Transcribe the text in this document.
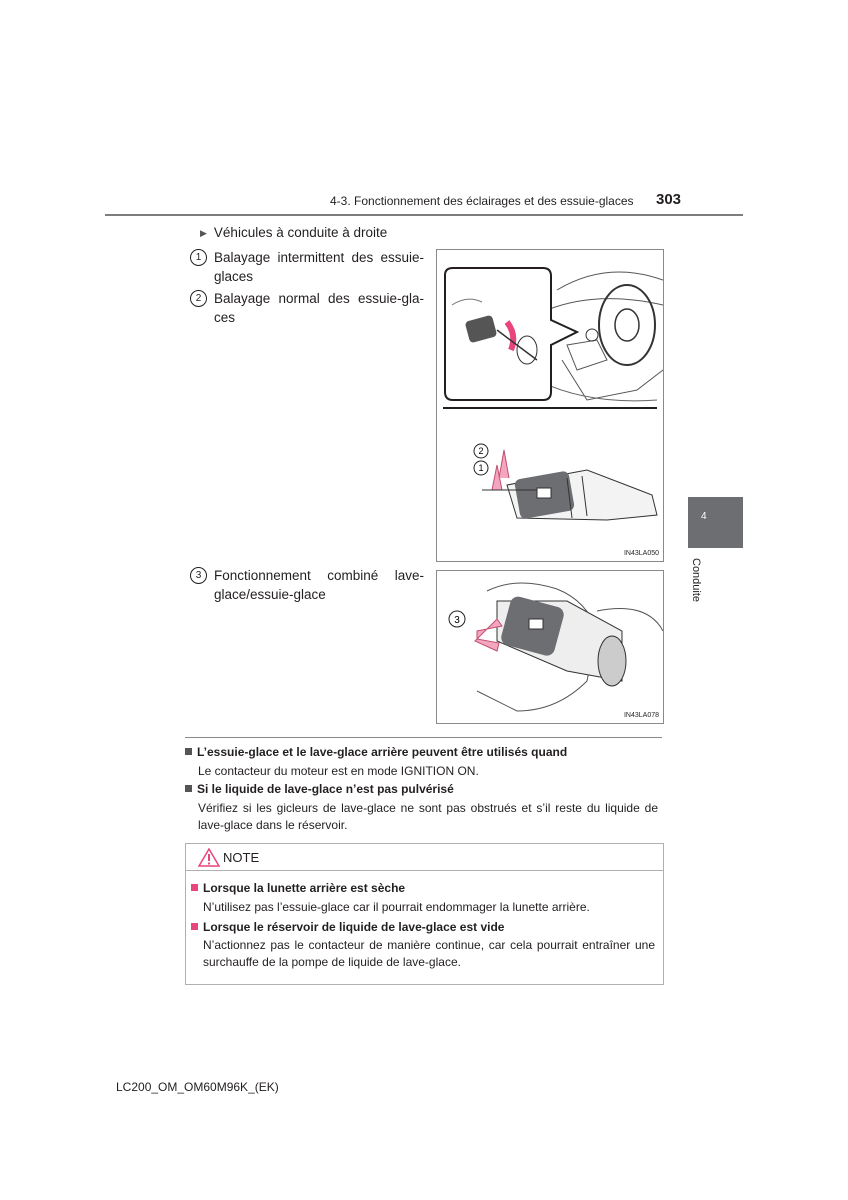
4-3. Fonctionnement des éclairages et des essuie-glaces 303
4
Conduite
▶ Véhicules à conduite à droite
1 Balayage intermittent des essuie-glaces
2 Balayage normal des essuie-gla-ces
3 Fonctionnement combiné lave-glace/essuie-glace
2
1
IN43LA050
3
IN43LA078
L’essuie-glace et le lave-glace arrière peuvent être utilisés quand
Le contacteur du moteur est en mode IGNITION ON.
Si le liquide de lave-glace n’est pas pulvérisé
Vérifiez si les gicleurs de lave-glace ne sont pas obstrués et s’il reste du liquide de lave-glace dans le réservoir.
NOTE
Lorsque la lunette arrière est sèche
N’utilisez pas l’essuie-glace car il pourrait endommager la lunette arrière.
Lorsque le réservoir de liquide de lave-glace est vide
N’actionnez pas le contacteur de manière continue, car cela pourrait entraîner une surchauffe de la pompe de liquide de lave-glace.
LC200_OM_OM60M96K_(EK)
